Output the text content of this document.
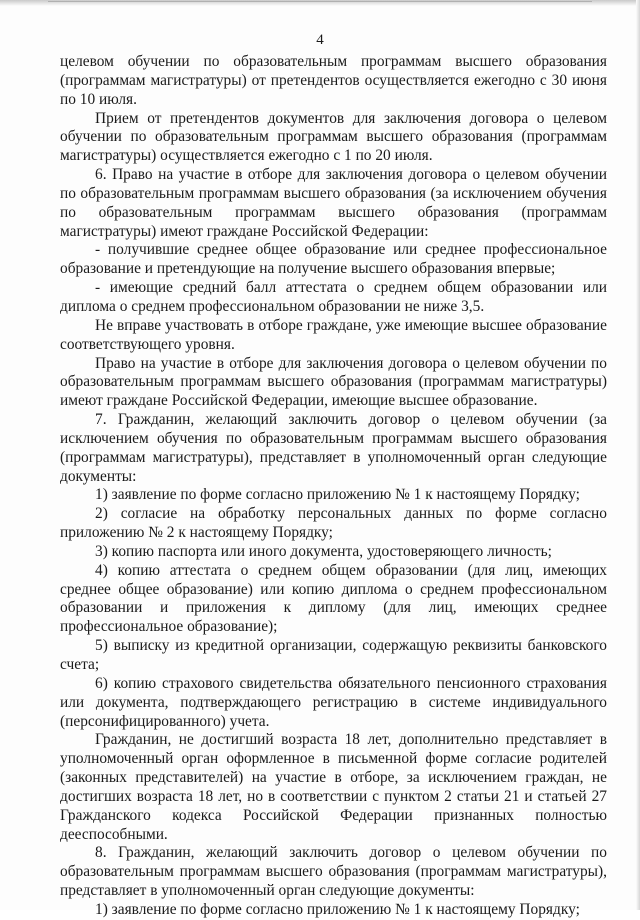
4

целевом обучении по образовательным программам высшего образования (программам магистратуры) от претендентов осуществляется ежегодно с 30 июня по 10 июля.

Прием от претендентов документов для заключения договора о целевом обучении по образовательным программам высшего образования (программам магистратуры) осуществляется ежегодно с 1 по 20 июля.

6. Право на участие в отборе для заключения договора о целевом обучении по образовательным программам высшего образования (за исключением обучения по образовательным программам высшего образования (программам магистратуры) имеют граждане Российской Федерации:

- получившие среднее общее образование или среднее профессиональное образование и претендующие на получение высшего образования впервые;

- имеющие средний балл аттестата о среднем общем образовании или диплома о среднем профессиональном образовании не ниже 3,5.

Не вправе участвовать в отборе граждане, уже имеющие высшее образование соответствующего уровня.

Право на участие в отборе для заключения договора о целевом обучении по образовательным программам высшего образования (программам магистратуры) имеют граждане Российской Федерации, имеющие высшее образование.

7. Гражданин, желающий заключить договор о целевом обучении (за исключением обучения по образовательным программам высшего образования (программам магистратуры), представляет в уполномоченный орган следующие документы:

1) заявление по форме согласно приложению № 1 к настоящему Порядку;

2) согласие на обработку персональных данных по форме согласно приложению № 2 к настоящему Порядку;

3) копию паспорта или иного документа, удостоверяющего личность;

4) копию аттестата о среднем общем образовании (для лиц, имеющих среднее общее образование) или копию диплома о среднем профессиональном образовании и приложения к диплому (для лиц, имеющих среднее профессиональное образование);

5) выписку из кредитной организации, содержащую реквизиты банковского счета;

6) копию страхового свидетельства обязательного пенсионного страхования или документа, подтверждающего регистрацию в системе индивидуального (персонифицированного) учета.

Гражданин, не достигший возраста 18 лет, дополнительно представляет в уполномоченный орган оформленное в письменной форме согласие родителей (законных представителей) на участие в отборе, за исключением граждан, не достигших возраста 18 лет, но в соответствии с пунктом 2 статьи 21 и статьей 27 Гражданского кодекса Российской Федерации признанных полностью дееспособными.

8. Гражданин, желающий заключить договор о целевом обучении по образовательным программам высшего образования (программам магистратуры), представляет в уполномоченный орган следующие документы:

1) заявление по форме согласно приложению № 1 к настоящему Порядку;
